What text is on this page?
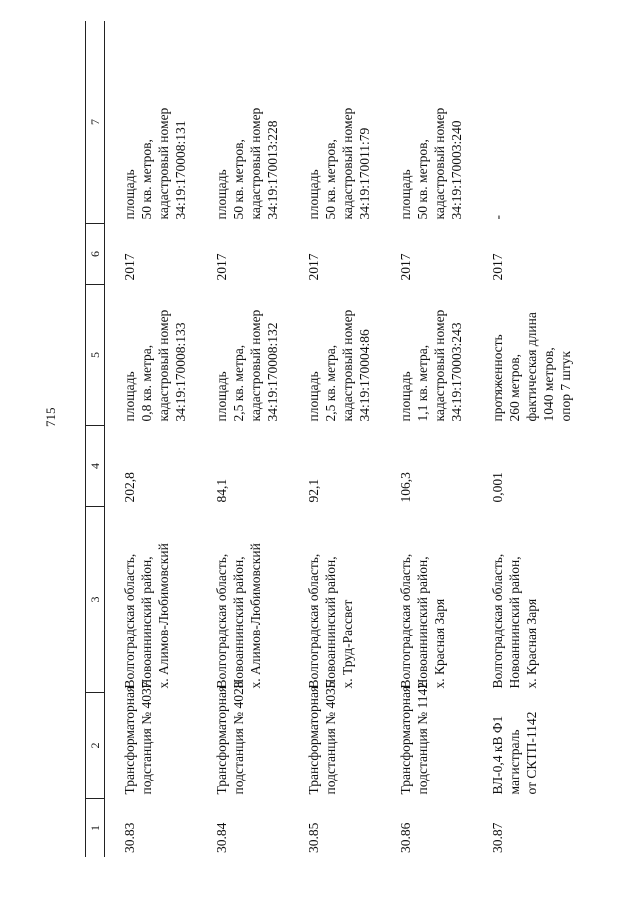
715
1	2	3	4	5	6	7
30.83	Трансформаторная подстанция № 4037	Волгоградская область, Новоаннинский район, х. Алимов-Любимовский	202,8	площадь 0,8 кв. метра, кадастровый номер 34:19:170008:133	2017	площадь 50 кв. метров, кадастровый номер 34:19:170008:131

30.84	Трансформаторная подстанция № 4028	Волгоградская область, Новоаннинский район, х. Алимов-Любимовский	84,1	площадь 2,5 кв. метра, кадастровый номер 34:19:170008:132	2017	площадь 50 кв. метров, кадастровый номер 34:19:170013:228

30.85	Трансформаторная подстанция № 4035	Волгоградская область, Новоаннинский район, х. Труд-Рассвет	92,1	площадь 2,5 кв. метра, кадастровый номер 34:19:170004:86	2017	площадь 50 кв. метров, кадастровый номер 34:19:170011:79

30.86	Трансформаторная подстанция № 1142	Волгоградская область, Новоаннинский район, х. Красная Заря	106,3	площадь 1,1 кв. метра, кадастровый номер 34:19:170003:243	2017	площадь 50 кв. метров, кадастровый номер 34:19:170003:240

30.87	ВЛ-0,4 кВ Ф1 магистраль от СКТП-1142	Волгоградская область, Новоаннинский район, х. Красная Заря	0,001	протяженность 260 метров, фактическая длина 1040 метров, опор 7 штук	2017	-
